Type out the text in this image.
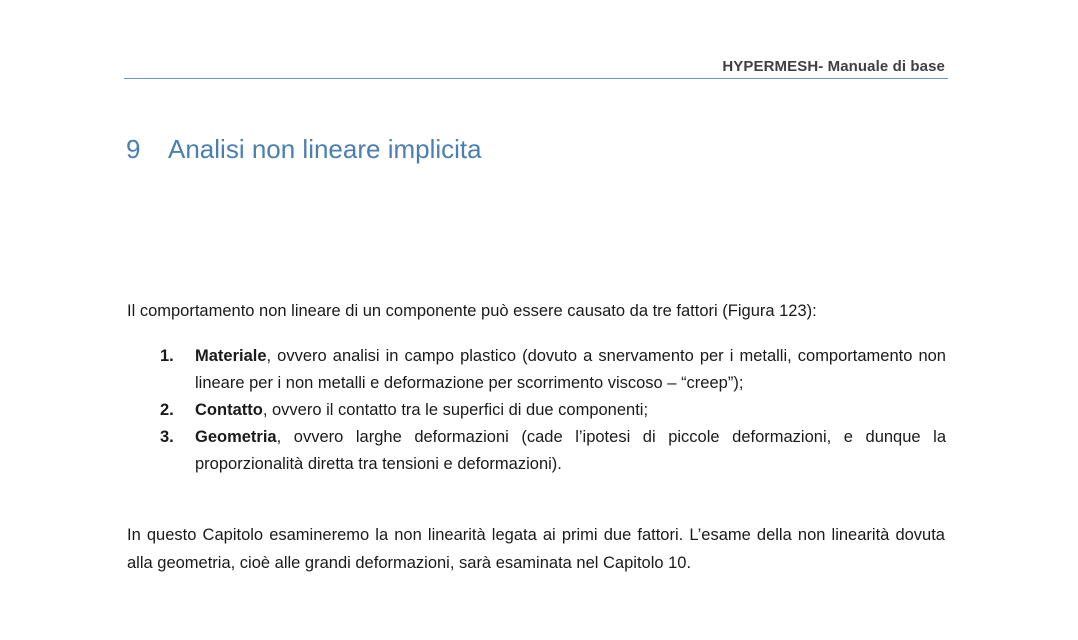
HYPERMESH- Manuale di base
9 Analisi non lineare implicita

Il comportamento non lineare di un componente può essere causato da tre fattori (Figura 123):

1. Materiale, ovvero analisi in campo plastico (dovuto a snervamento per i metalli, comportamento non lineare per i non metalli e deformazione per scorrimento viscoso – “creep”);
2. Contatto, ovvero il contatto tra le superfici di due componenti;
3. Geometria, ovvero larghe deformazioni (cade l’ipotesi di piccole deformazioni, e dunque la proporzionalità diretta tra tensioni e deformazioni).

In questo Capitolo esamineremo la non linearità legata ai primi due fattori. L’esame della non linearità dovuta alla geometria, cioè alle grandi deformazioni, sarà esaminata nel Capitolo 10.
